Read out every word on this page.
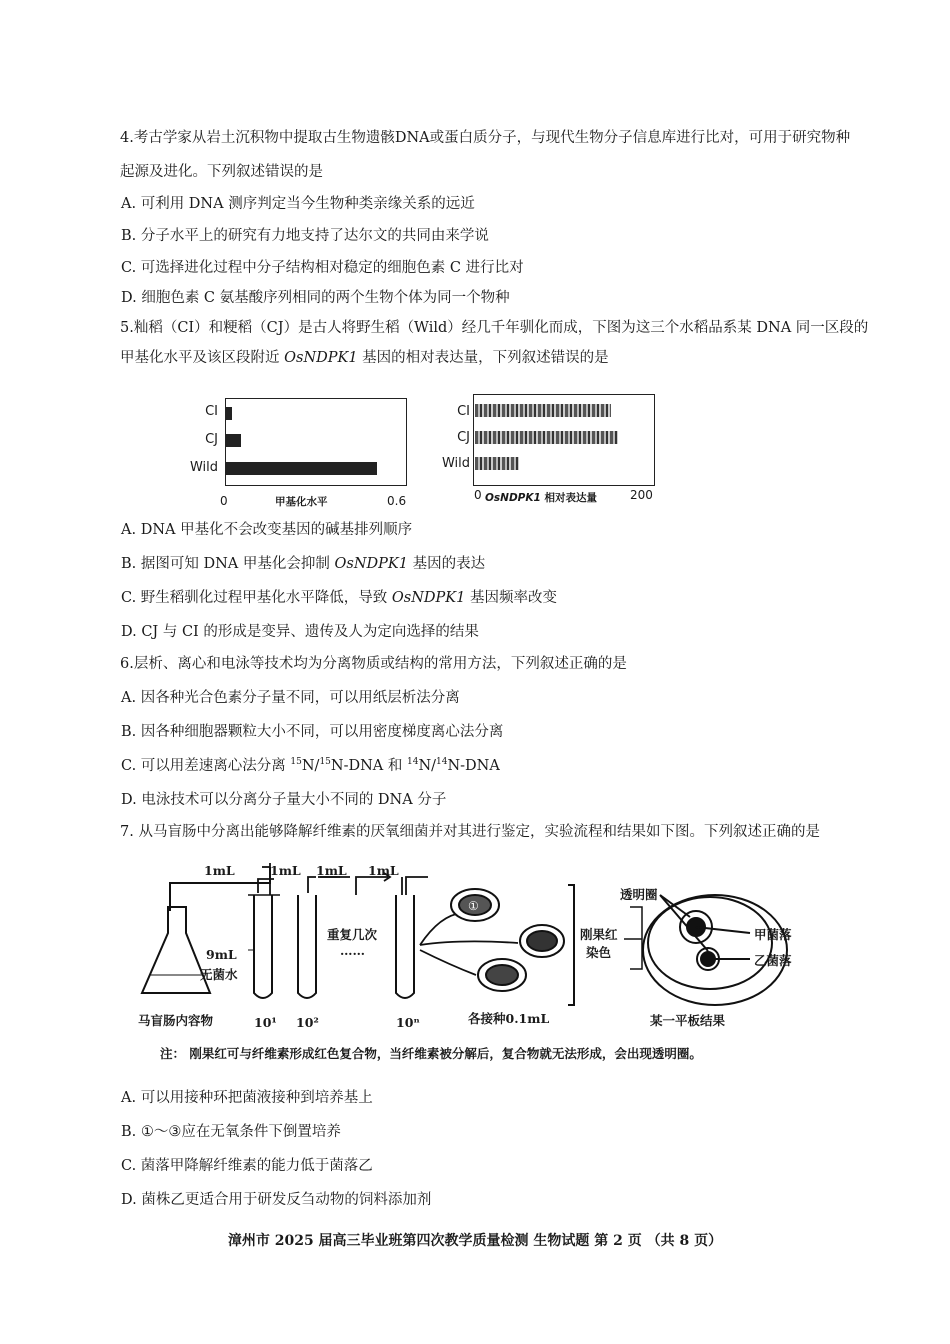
4.考古学家从岩土沉积物中提取古生物遗骸DNA或蛋白质分子，与现代生物分子信息库进行比对，可用于研究物种
起源及进化。下列叙述错误的是
A. 可利用 DNA 测序判定当今生物种类亲缘关系的远近
B. 分子水平上的研究有力地支持了达尔文的共同由来学说
C. 可选择进化过程中分子结构相对稳定的细胞色素 C 进行比对
D. 细胞色素 C 氨基酸序列相同的两个生物个体为同一个物种
5.籼稻（CI）和粳稻（CJ）是古人将野生稻（Wild）经几千年驯化而成，下图为这三个水稻品系某 DNA 同一区段的
甲基化水平及该区段附近 OsNDPK1 基因的相对表达量，下列叙述错误的是
CI
CJ
Wild
0	0.6
甲基化水平
CI
CJ
Wild
0	200
OsNDPK1 相对表达量
A. DNA 甲基化不会改变基因的碱基排列顺序
B. 据图可知 DNA 甲基化会抑制 OsNDPK1 基因的表达
C. 野生稻驯化过程甲基化水平降低，导致 OsNDPK1 基因频率改变
D. CJ 与 CI 的形成是变异、遗传及人为定向选择的结果
6.层析、离心和电泳等技术均为分离物质或结构的常用方法，下列叙述正确的是
A. 因各种光合色素分子量不同，可以用纸层析法分离
B. 因各种细胞器颗粒大小不同，可以用密度梯度离心法分离
C. 可以用差速离心法分离 $^{15}$N/$^{15}$N-DNA 和 $^{14}$N/$^{14}$N-DNA
D. 电泳技术可以分离分子量大小不同的 DNA 分子
7. 从马盲肠中分离出能够降解纤维素的厌氧细菌并对其进行鉴定，实验流程和结果如下图。下列叙述正确的是
①
1mL	1mL 1mL 1mL
9mL
无菌水
重复几次
……
马盲肠内容物	10¹ 10²	10ⁿ	各接种0.1mL
刚果红
染色
透明圈
甲菌落
乙菌落
某一平板结果
注： 刚果红可与纤维素形成红色复合物，当纤维素被分解后，复合物就无法形成，会出现透明圈。
A. 可以用接种环把菌液接种到培养基上
B. ①～③应在无氧条件下倒置培养
C. 菌落甲降解纤维素的能力低于菌落乙
D. 菌株乙更适合用于研发反刍动物的饲料添加剂
漳州市 2025 届高三毕业班第四次教学质量检测 生物试题 第 2 页 （共 8 页）
